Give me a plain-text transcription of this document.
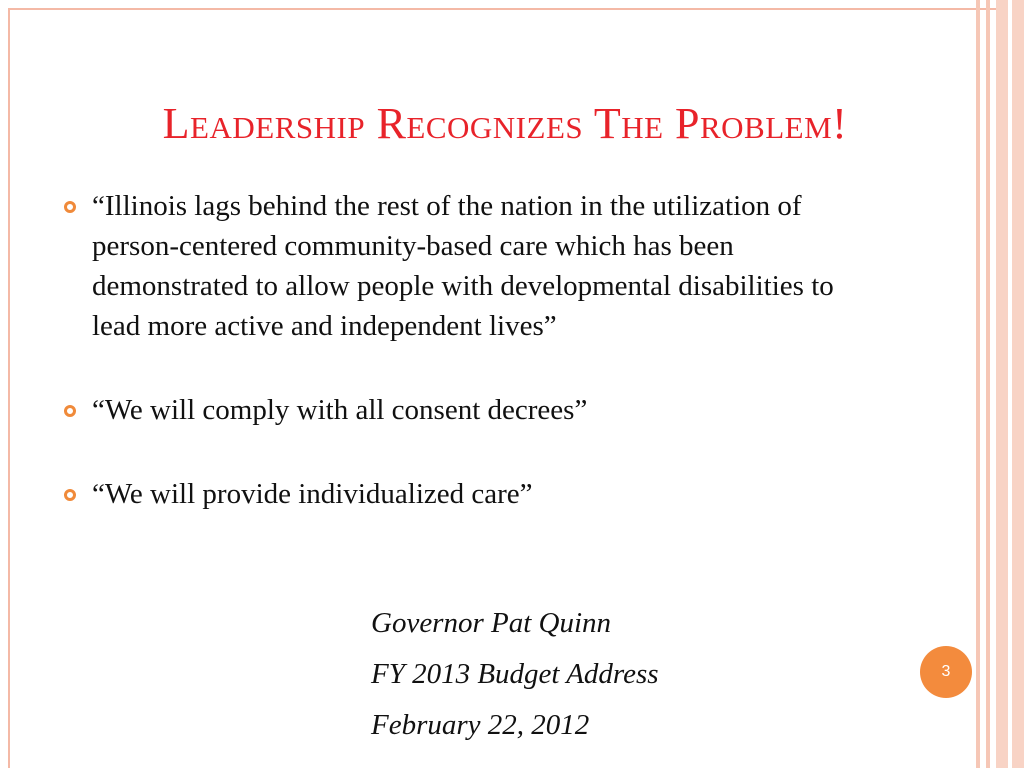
Leadership Recognizes The Problem!

“Illinois lags behind the rest of the nation in the utilization of person-centered community-based care which has been demonstrated to allow people with developmental disabilities to lead more active and independent lives”

“We will comply with all consent decrees”

“We will provide individualized care”

Governor Pat Quinn
FY 2013 Budget Address
February 22, 2012
3
